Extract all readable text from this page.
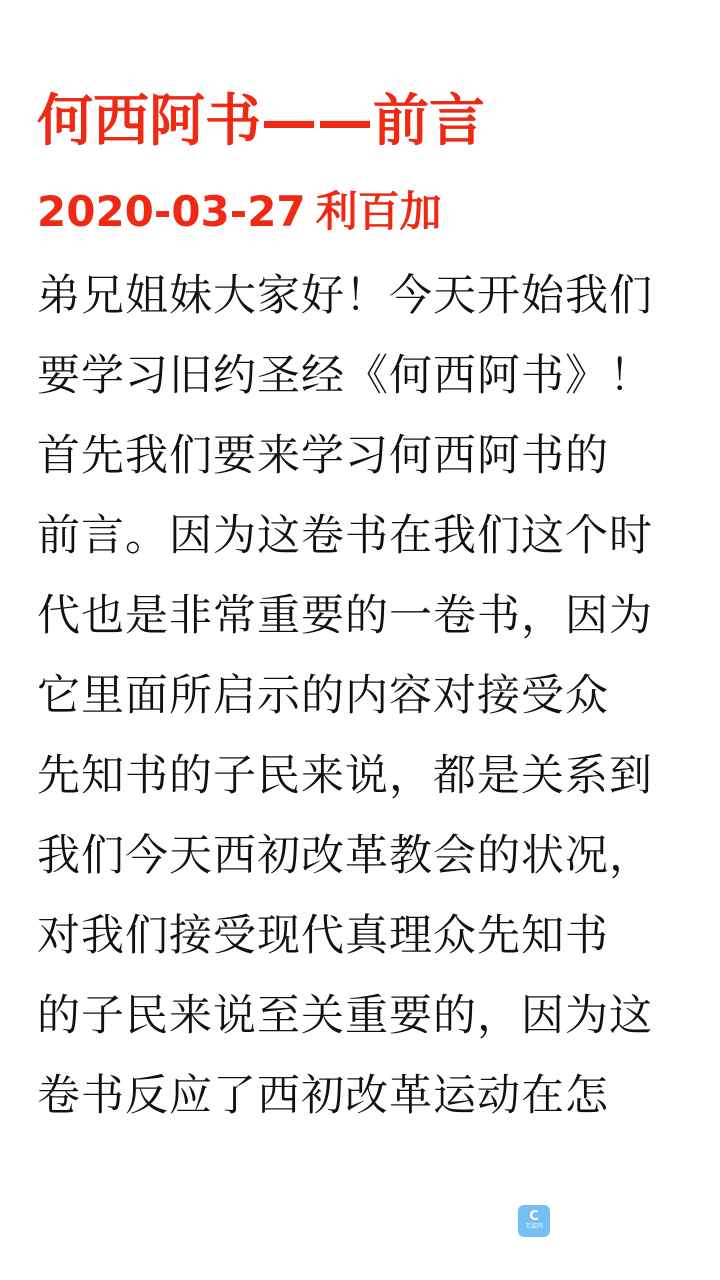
何西阿书——前言
2020-03-27 利百加
弟兄姐妹大家好！今天开始我们
要学习旧约圣经《何西阿书》！
首先我们要来学习何西阿书的
前言。因为这卷书在我们这个时
代也是非常重要的一卷书，因为
它里面所启示的内容对接受众
先知书的子民来说，都是关系到
我们今天西初改革教会的状况，
对我们接受现代真理众先知书
的子民来说至关重要的，因为这
卷书反应了西初改革运动在怎
C
美篇网
